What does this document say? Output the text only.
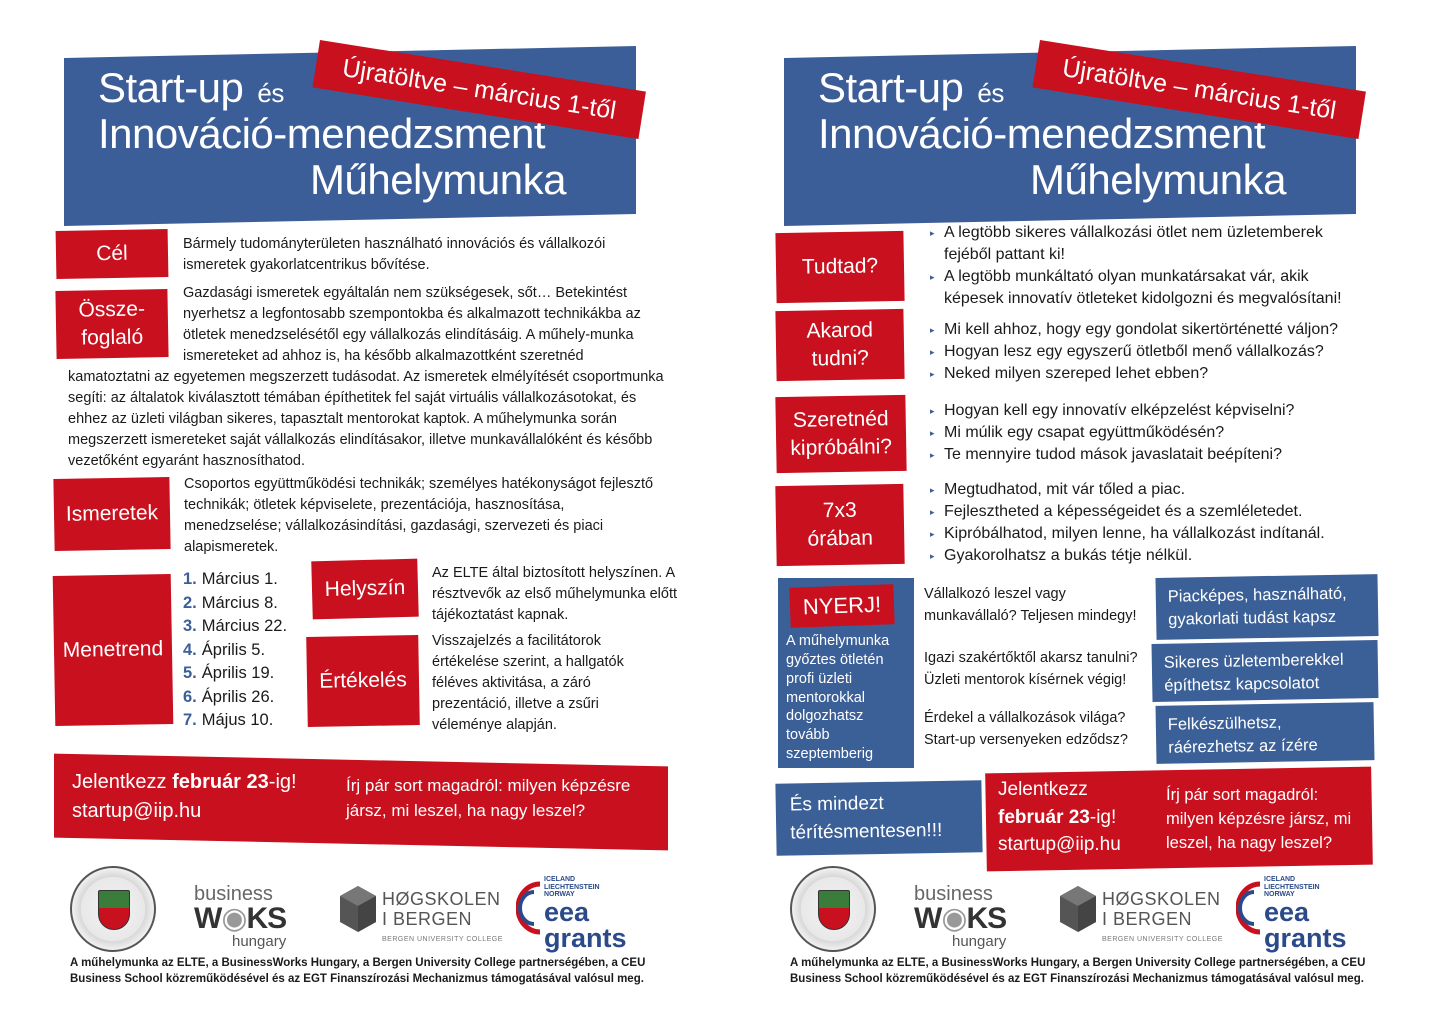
Start-up és
Innováció-menedzsment
Műhelymunka
Újratöltve – március 1-től
Cél	Bármely tudományterületen használható innovációs és vállalkozói ismeretek gyakorlatcentrikus bővítése.
Össze-
foglaló
Gazdasági ismeretek egyáltalán nem szükségesek, sőt… Betekintést nyerhetsz a legfontosabb szempontokba és alkalmazott technikákba az ötletek menedzselésétől egy vállalkozás elindításáig. A műhely-munka ismereteket ad ahhoz is, ha később alkalmazottként szeretnéd
kamatoztatni az egyetemen megszerzett tudásodat. Az ismeretek elmélyítését csoportmunka segíti: az általatok kiválasztott témában építhetitek fel saját virtuális vállalkozásotokat, és ehhez az üzleti világban sikeres, tapasztalt mentorokat kaptok. A műhelymunka során megszerzett ismereteket saját vállalkozás elindításakor, illetve munkavállalóként és később vezetőként egyaránt hasznosíthatod.
Ismeretek
Csoportos együttműködési technikák; személyes hatékonyságot fejlesztő technikák; ötletek képviselete, prezentációja, hasznosítása, menedzselése; vállalkozásindítási, gazdasági, szervezeti és piaci alapismeretek.
Menetrend
1. Március 1.
2. Március 8.
3. Március 22.
4. Április 5.
5. Április 19.
6. Április 26.
7. Május 10.
Helyszín
Az ELTE által biztosított helyszínen. A résztvevők az első műhelymunka előtt tájékoztatást kapnak.
Értékelés
Visszajelzés a facilitátorok értékelése szerint, a hallgatók féléves aktivitása, a záró prezentáció, illetve a zsűri véleménye alapján.
Jelentkezz február 23-ig!
startup@iip.hu
Írj pár sort magadról: milyen képzésre jársz, mi leszel, ha nagy leszel?
business
W◉KS
hungary
HØGSKOLEN
I BERGEN
BERGEN UNIVERSITY COLLEGE
ICELAND
LIECHTENSTEIN
NORWAY
eea
grants
A műhelymunka az ELTE, a BusinessWorks Hungary, a Bergen University College partnerségében, a CEU Business School közreműködésével és az EGT Finanszírozási Mechanizmus támogatásával valósul meg.
Start-up és
Innováció-menedzsment
Műhelymunka
Újratöltve – március 1-től
Tudtad?
▸ A legtöbb sikeres vállalkozási ötlet nem üzletemberek
fejéből pattant ki!
▸ A legtöbb munkáltató olyan munkatársakat vár, akik
képesek innovatív ötleteket kidolgozni és megvalósítani!
Akarod
tudni?
▸ Mi kell ahhoz, hogy egy gondolat sikertörténetté váljon?
▸ Hogyan lesz egy egyszerű ötletből menő vállalkozás?
▸ Neked milyen szereped lehet ebben?
Szeretnéd
kipróbálni?
▸ Hogyan kell egy innovatív elképzelést képviselni?
▸ Mi múlik egy csapat együttműködésén?
▸ Te mennyire tudod mások javaslatait beépíteni?
7x3
órában
▸ Megtudhatod, mit vár tőled a piac.
▸ Fejlesztheted a képességeidet és a szemléletedet.
▸ Kipróbálhatod, milyen lenne, ha vállalkozást indítanál.
▸ Gyakorolhatsz a bukás tétje nélkül.
NYERJ!
A műhelymunka győztes ötletén profi üzleti mentorokkal dolgozhatsz tovább szeptemberig
Vállalkozó leszel vagy munkavállaló? Teljesen mindegy!
Igazi szakértőktől akarsz tanulni? Üzleti mentorok kísérnek végig!
Érdekel a vállalkozások világa? Start-up versenyeken edződsz?
Piacképes, használható, gyakorlati tudást kapsz
Sikeres üzletemberekkel építhetsz kapcsolatot
Felkészülhetsz, ráérezhetsz az ízére
És mindezt térítésmentesen!!!
Jelentkezz
február 23-ig!
startup@iip.hu
Írj pár sort magadról: milyen képzésre jársz, mi leszel, ha nagy leszel?
business
W◉KS
hungary
HØGSKOLEN
I BERGEN
BERGEN UNIVERSITY COLLEGE
ICELAND
LIECHTENSTEIN
NORWAY
eea
grants
A műhelymunka az ELTE, a BusinessWorks Hungary, a Bergen University College partnerségében, a CEU Business School közreműködésével és az EGT Finanszírozási Mechanizmus támogatásával valósul meg.
